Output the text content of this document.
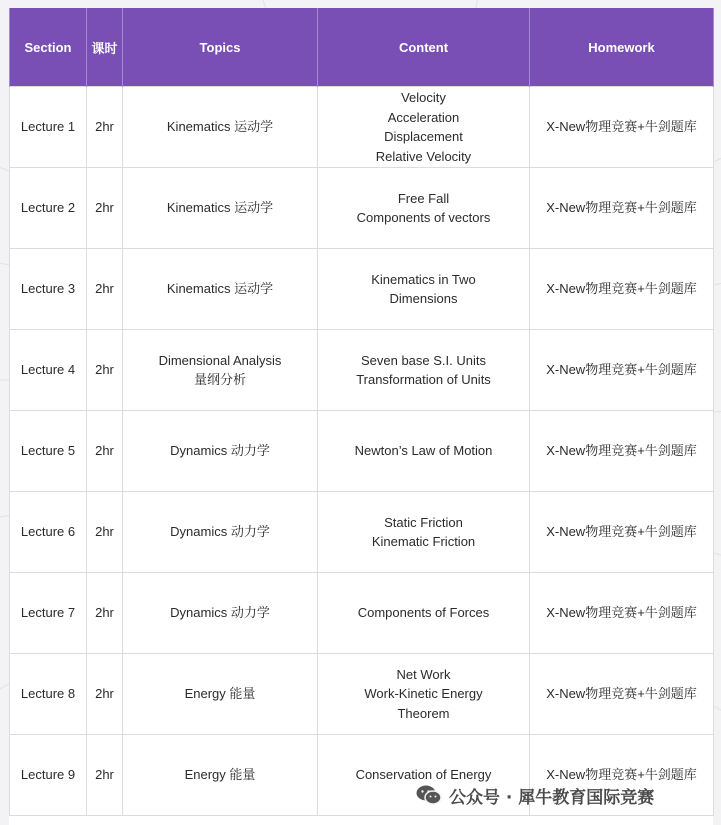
Section	课时	Topics	Content	Homework
Lecture 1	2hr	Kinematics 运动学	Velocity
Acceleration
Displacement
Relative Velocity	X-New物理竞赛+牛剑题库
Lecture 2	2hr	Kinematics 运动学	Free Fall
Components of vectors	X-New物理竞赛+牛剑题库
Lecture 3	2hr	Kinematics 运动学	Kinematics in Two
Dimensions	X-New物理竞赛+牛剑题库
Lecture 4	2hr	Dimensional Analysis
量纲分析	Seven base S.I. Units
Transformation of Units	X-New物理竞赛+牛剑题库
Lecture 5	2hr	Dynamics 动力学	Newton’s Law of Motion	X-New物理竞赛+牛剑题库
Lecture 6	2hr	Dynamics 动力学	Static Friction
Kinematic Friction	X-New物理竞赛+牛剑题库
Lecture 7	2hr	Dynamics 动力学	Components of Forces	X-New物理竞赛+牛剑题库
Lecture 8	2hr	Energy 能量	Net Work
Work-Kinetic Energy
Theorem	X-New物理竞赛+牛剑题库
Lecture 9	2hr	Energy 能量	Conservation of Energy	X-New物理竞赛+牛剑题库
公众号 · 犀牛教育国际竞赛
